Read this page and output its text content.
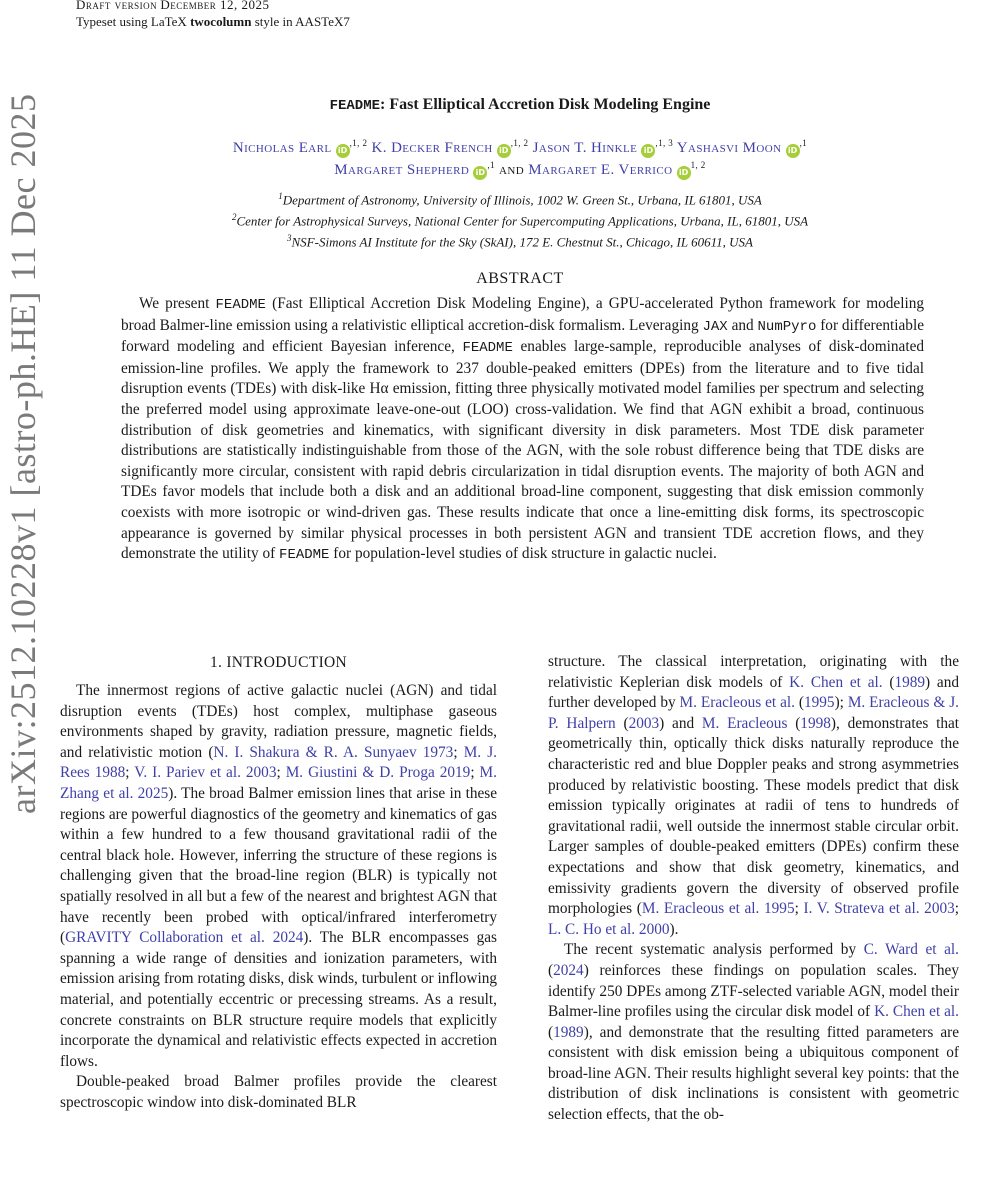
Draft version December 12, 2025
Typeset using LaTeX twocolumn style in AASTeX7
arXiv:2512.10228v1 [astro-ph.HE] 11 Dec 2025	FEADME: Fast Elliptical Accretion Disk Modeling Engine
Nicholas Earl $iD^{,1, 2}$ K. Decker French $iD^{,1, 2}$ Jason T. Hinkle $iD^{,1, 3}$ Yashasvi Moon $iD^{,1}$
Margaret Shepherd $iD^{,1}$ and Margaret E. Verrico iD$^{1, 2}$
$^1$Department of Astronomy, University of Illinois, 1002 W. Green St., Urbana, IL 61801, USA
$^2$Center for Astrophysical Surveys, National Center for Supercomputing Applications, Urbana, IL, 61801, USA
$^3$NSF-Simons AI Institute for the Sky (SkAI), 172 E. Chestnut St., Chicago, IL 60611, USA
ABSTRACT
We present FEADME (Fast Elliptical Accretion Disk Modeling Engine), a GPU-accelerated Python framework for modeling broad Balmer-line emission using a relativistic elliptical accretion-disk formalism. Leveraging JAX and NumPyro for differentiable forward modeling and efficient Bayesian inference, FEADME enables large-sample, reproducible analyses of disk-dominated emission-line profiles. We apply the framework to 237 double-peaked emitters (DPEs) from the literature and to five tidal disruption events (TDEs) with disk-like Hα emission, fitting three physically motivated model families per spectrum and selecting the preferred model using approximate leave-one-out (LOO) cross-validation. We find that AGN exhibit a broad, continuous distribution of disk geometries and kinematics, with significant diversity in disk parameters. Most TDE disk parameter distributions are statistically indistinguishable from those of the AGN, with the sole robust difference being that TDE disks are significantly more circular, consistent with rapid debris circularization in tidal disruption events. The majority of both AGN and TDEs favor models that include both a disk and an additional broad-line component, suggesting that disk emission commonly coexists with more isotropic or wind-driven gas. These results indicate that once a line-emitting disk forms, its spectroscopic appearance is governed by similar physical processes in both persistent AGN and transient TDE accretion flows, and they demonstrate the utility of FEADME for population-level studies of disk structure in galactic nuclei.
1. INTRODUCTION

The innermost regions of active galactic nuclei (AGN) and tidal disruption events (TDEs) host complex, multiphase gaseous environments shaped by gravity, radiation pressure, magnetic fields, and relativistic motion (N. I. Shakura & R. A. Sunyaev 1973; M. J. Rees 1988; V. I. Pariev et al. 2003; M. Giustini & D. Proga 2019; M. Zhang et al. 2025). The broad Balmer emission lines that arise in these regions are powerful diagnostics of the geometry and kinematics of gas within a few hundred to a few thousand gravitational radii of the central black hole. However, inferring the structure of these regions is challenging given that the broad-line region (BLR) is typically not spatially resolved in all but a few of the nearest and brightest AGN that have recently been probed with optical/infrared interferometry (GRAVITY Collaboration et al. 2024). The BLR encompasses gas spanning a wide range of densities and ionization parameters, with emission arising from rotating disks, disk winds, turbulent or inflowing material, and potentially eccentric or precessing streams. As a result, concrete constraints on BLR structure require models that explicitly incorporate the dynamical and relativistic effects expected in accretion flows.

Double-peaked broad Balmer profiles provide the clearest spectroscopic window into disk-dominated BLR

structure. The classical interpretation, originating with the relativistic Keplerian disk models of K. Chen et al. (1989) and further developed by M. Eracleous et al. (1995); M. Eracleous & J. P. Halpern (2003) and M. Eracleous (1998), demonstrates that geometrically thin, optically thick disks naturally reproduce the characteristic red and blue Doppler peaks and strong asymmetries produced by relativistic boosting. These models predict that disk emission typically originates at radii of tens to hundreds of gravitational radii, well outside the innermost stable circular orbit. Larger samples of double-peaked emitters (DPEs) confirm these expectations and show that disk geometry, kinematics, and emissivity gradients govern the diversity of observed profile morphologies (M. Eracleous et al. 1995; I. V. Strateva et al. 2003; L. C. Ho et al. 2000).

The recent systematic analysis performed by C. Ward et al. (2024) reinforces these findings on population scales. They identify 250 DPEs among ZTF-selected variable AGN, model their Balmer-line profiles using the circular disk model of K. Chen et al. (1989), and demonstrate that the resulting fitted parameters are consistent with disk emission being a ubiquitous component of broad-line AGN. Their results highlight several key points: that the distribution of disk inclinations is consistent with geometric selection effects, that the ob-
